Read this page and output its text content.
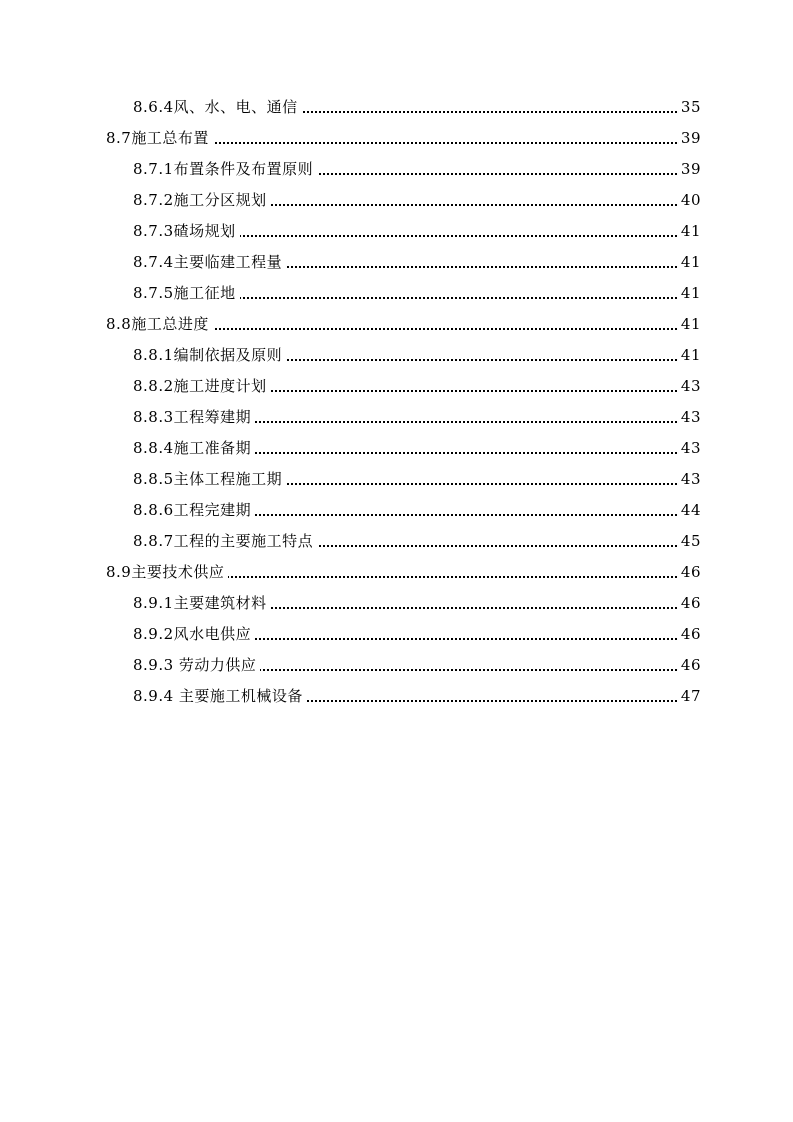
8.6.4风、水、电、通信	35
8.7施工总布置	39
8.7.1布置条件及布置原则	39
8.7.2施工分区规划	40
8.7.3碴场规划	41
8.7.4主要临建工程量	41
8.7.5施工征地	41
8.8施工总进度	41
8.8.1编制依据及原则	41
8.8.2施工进度计划	43
8.8.3工程筹建期	43
8.8.4施工准备期	43
8.8.5主体工程施工期	43
8.8.6工程完建期	44
8.8.7工程的主要施工特点	45
8.9主要技术供应	46
8.9.1主要建筑材料	46
8.9.2风水电供应	46
8.9.3 劳动力供应	46
8.9.4 主要施工机械设备	47
